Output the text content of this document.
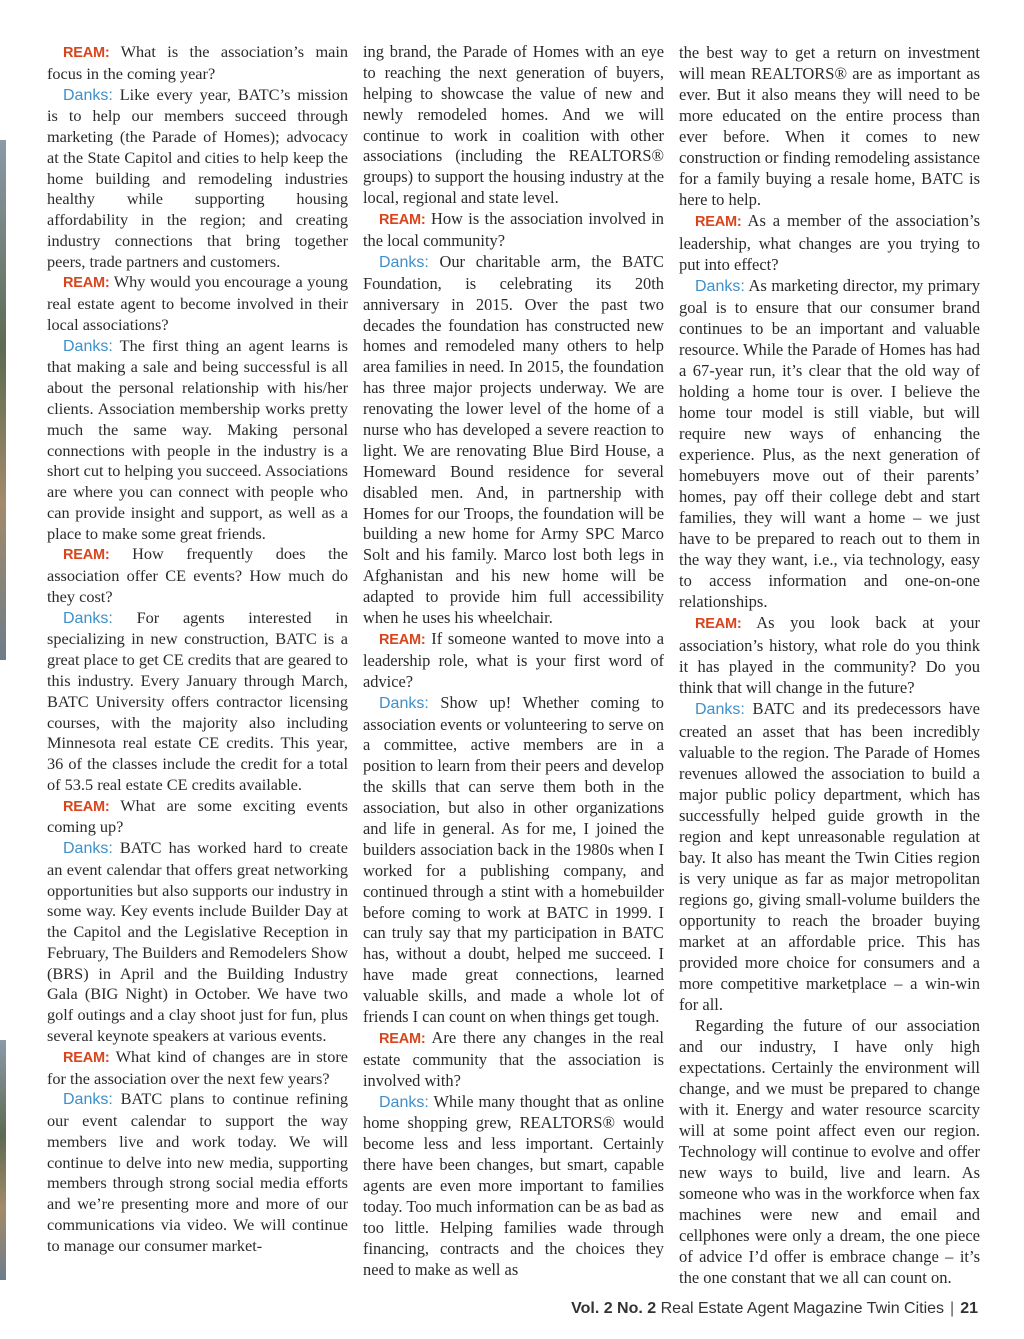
REAM: What is the association’s main focus in the coming year?

Danks: Like every year, BATC’s mission is to help our members succeed through marketing (the Parade of Homes); advocacy at the State Capitol and cities to help keep the home building and remodeling industries healthy while supporting housing affordability in the region; and creating industry connections that bring together peers, trade partners and customers.

REAM: Why would you encourage a young real estate agent to become involved in their local associations?

Danks: The first thing an agent learns is that making a sale and being successful is all about the personal relationship with his/her clients. Association membership works pretty much the same way. Making personal connections with people in the industry is a short cut to helping you succeed. Associations are where you can connect with people who can provide insight and support, as well as a place to make some great friends.

REAM: How frequently does the association offer CE events? How much do they cost?

Danks: For agents interested in specializing in new construction, BATC is a great place to get CE credits that are geared to this industry. Every January through March, BATC University offers contractor licensing courses, with the majority also including Minnesota real estate CE credits. This year, 36 of the classes include the credit for a total of 53.5 real estate CE credits available.

REAM: What are some exciting events coming up?

Danks: BATC has worked hard to create an event calendar that offers great networking opportunities but also supports our industry in some way. Key events include Builder Day at the Capitol and the Legislative Reception in February, The Builders and Remodelers Show (BRS) in April and the Building Industry Gala (BIG Night) in October. We have two golf outings and a clay shoot just for fun, plus several keynote speakers at various events.

REAM: What kind of changes are in store for the association over the next few years?

Danks: BATC plans to continue refining our event calendar to support the way members live and work today. We will continue to delve into new media, supporting members through strong social media efforts and we’re presenting more and more of our communications via video. We will continue to manage our consumer market-

ing brand, the Parade of Homes with an eye to reaching the next generation of buyers, helping to showcase the value of new and newly remodeled homes. And we will continue to work in coalition with other associations (including the REALTORS® groups) to support the housing industry at the local, regional and state level.

REAM: How is the association involved in the local community?

Danks: Our charitable arm, the BATC Foundation, is celebrating its 20th anniversary in 2015. Over the past two decades the foundation has constructed new homes and remodeled many others to help area families in need. In 2015, the foundation has three major projects underway. We are renovating the lower level of the home of a nurse who has developed a severe reaction to light. We are renovating Blue Bird House, a Homeward Bound residence for several disabled men. And, in partnership with Homes for our Troops, the foundation will be building a new home for Army SPC Marco Solt and his family. Marco lost both legs in Afghanistan and his new home will be adapted to provide him full accessibility when he uses his wheelchair.

REAM: If someone wanted to move into a leadership role, what is your first word of advice?

Danks: Show up! Whether coming to association events or volunteering to serve on a committee, active members are in a position to learn from their peers and develop the skills that can serve them both in the association, but also in other organizations and life in general. As for me, I joined the builders association back in the 1980s when I worked for a publishing company, and continued through a stint with a homebuilder before coming to work at BATC in 1999. I can truly say that my participation in BATC has, without a doubt, helped me succeed. I have made great connections, learned valuable skills, and made a whole lot of friends I can count on when things get tough.

REAM: Are there any changes in the real estate community that the association is involved with?

Danks: While many thought that as online home shopping grew, REALTORS® would become less and less important. Certainly there have been changes, but smart, capable agents are even more important to families today. Too much information can be as bad as too little. Helping families wade through financing, contracts and the choices they need to make as well as

the best way to get a return on investment will mean REALTORS® are as important as ever. But it also means they will need to be more educated on the entire process than ever before. When it comes to new construction or finding remodeling assistance for a family buying a resale home, BATC is here to help.

REAM: As a member of the association’s leadership, what changes are you trying to put into effect?

Danks: As marketing director, my primary goal is to ensure that our consumer brand continues to be an important and valuable resource. While the Parade of Homes has had a 67-year run, it’s clear that the old way of holding a home tour is over. I believe the home tour model is still viable, but will require new ways of enhancing the experience. Plus, as the next generation of homebuyers move out of their parents’ homes, pay off their college debt and start families, they will want a home – we just have to be prepared to reach out to them in the way they want, i.e., via technology, easy to access information and one-on-one relationships.

REAM: As you look back at your association’s history, what role do you think it has played in the community? Do you think that will change in the future?

Danks: BATC and its predecessors have created an asset that has been incredibly valuable to the region. The Parade of Homes revenues allowed the association to build a major public policy department, which has successfully helped guide growth in the region and kept unreasonable regulation at bay. It also has meant the Twin Cities region is very unique as far as major metropolitan regions go, giving small-volume builders the opportunity to reach the broader buying market at an affordable price. This has provided more choice for consumers and a more competitive marketplace – a win-win for all.

Regarding the future of our association and our industry, I have only high expectations. Certainly the environment will change, and we must be prepared to change with it. Energy and water resource scarcity will at some point affect even our region. Technology will continue to evolve and offer new ways to build, live and learn. As someone who was in the workforce when fax machines were new and email and cellphones were only a dream, the one piece of advice I’d offer is embrace change – it’s the one constant that we all can count on.

Vol. 2 No. 2 Real Estate Agent Magazine Twin Cities | 21
